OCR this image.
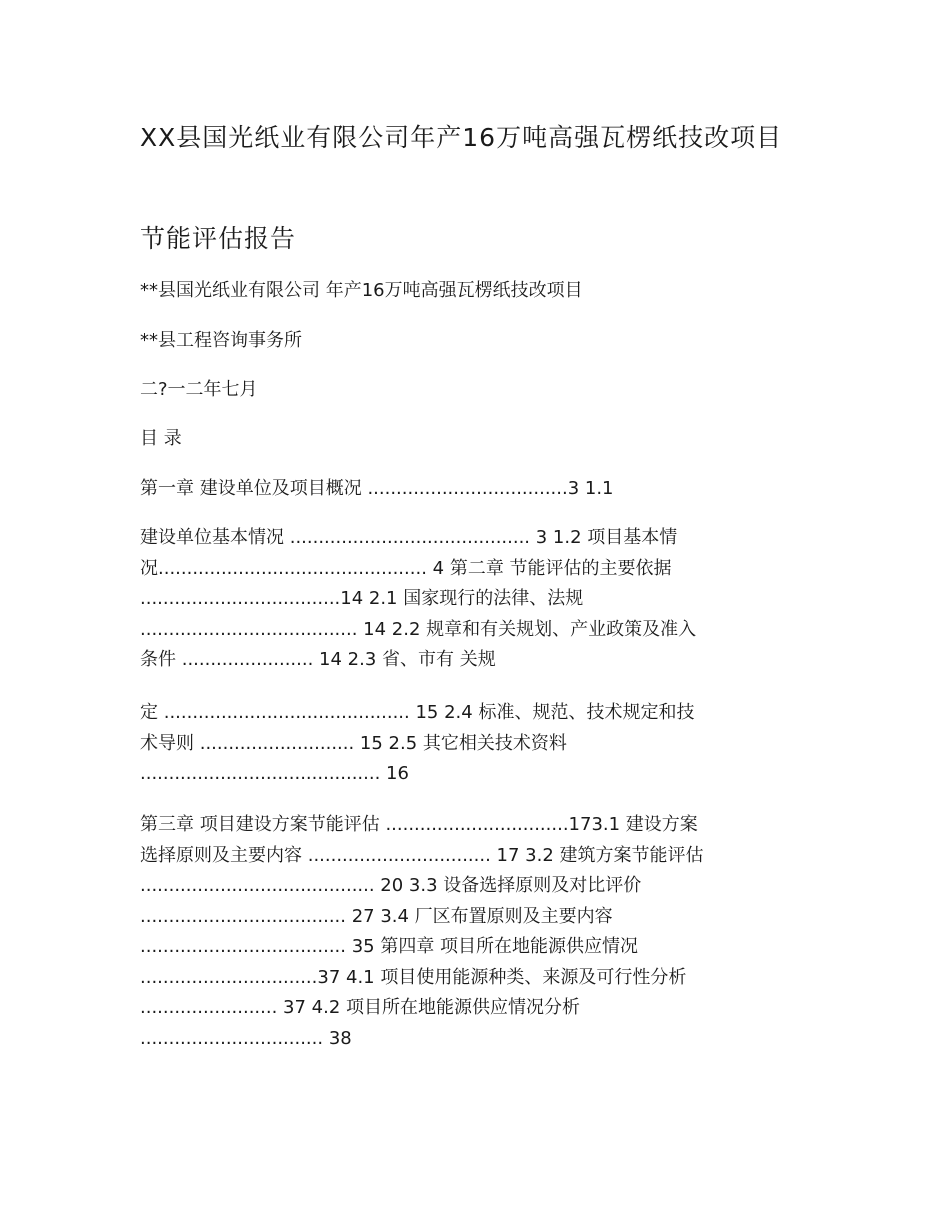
XX县国光纸业有限公司年产16万吨高强瓦楞纸技改项目
节能评估报告

**县国光纸业有限公司 年产16万吨高强瓦楞纸技改项目

**县工程咨询事务所

二?一二年七月

目 录

第一章 建设单位及项目概况 ...................................3 1.1
建设单位基本情况 .......................................... 3 1.2 项目基本情
况............................................... 4 第二章 节能评估的主要依据
...................................14 2.1 国家现行的法律、法规
...................................... 14 2.2 规章和有关规划、产业政策及准入
条件 ....................... 14 2.3 省、市有 关规
定 ........................................... 15 2.4 标准、规范、技术规定和技
术导则 ........................... 15 2.5 其它相关技术资料
.......................................... 16
第三章 项目建设方案节能评估 ................................173.1 建设方案
选择原则及主要内容 ................................ 17 3.2 建筑方案节能评估
......................................... 20 3.3 设备选择原则及对比评价
.................................... 27 3.4 厂区布置原则及主要内容
.................................... 35 第四章 项目所在地能源供应情况
...............................37 4.1 项目使用能源种类、来源及可行性分析
........................ 37 4.2 项目所在地能源供应情况分析
................................ 38
